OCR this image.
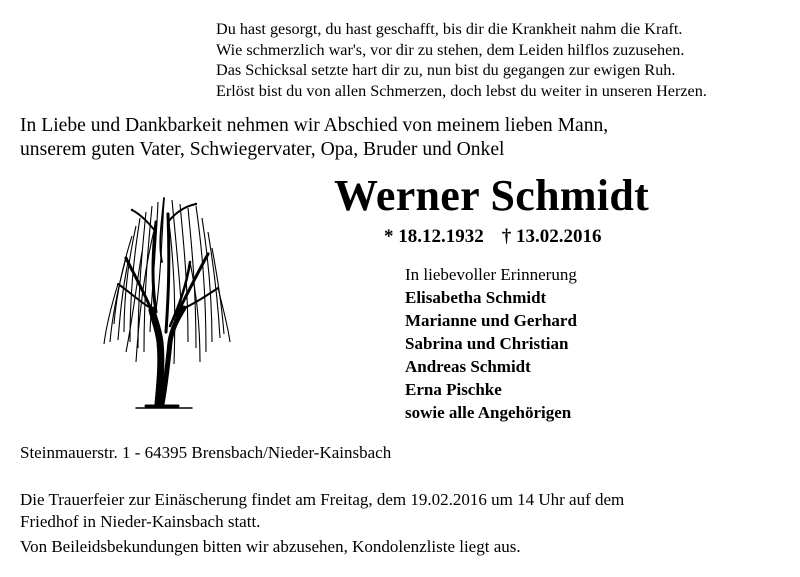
Du hast gesorgt, du hast geschafft, bis dir die Krankheit nahm die Kraft.
Wie schmerzlich war's, vor dir zu stehen, dem Leiden hilflos zuzusehen.
Das Schicksal setzte hart dir zu, nun bist du gegangen zur ewigen Ruh.
Erlöst bist du von allen Schmerzen, doch lebst du weiter in unseren Herzen.
In Liebe und Dankbarkeit nehmen wir Abschied von meinem lieben Mann,
unserem guten Vater, Schwiegervater, Opa, Bruder und Onkel
Werner Schmidt
* 18.12.1932 † 13.02.2016
In liebevoller Erinnerung
Elisabetha Schmidt
Marianne und Gerhard
Sabrina und Christian
Andreas Schmidt
Erna Pischke
sowie alle Angehörigen
Steinmauerstr. 1 - 64395 Brensbach/Nieder-Kainsbach
Die Trauerfeier zur Einäscherung findet am Freitag, dem 19.02.2016 um 14 Uhr auf dem
Friedhof in Nieder-Kainsbach statt.
Von Beileidsbekundungen bitten wir abzusehen, Kondolenzliste liegt aus.
